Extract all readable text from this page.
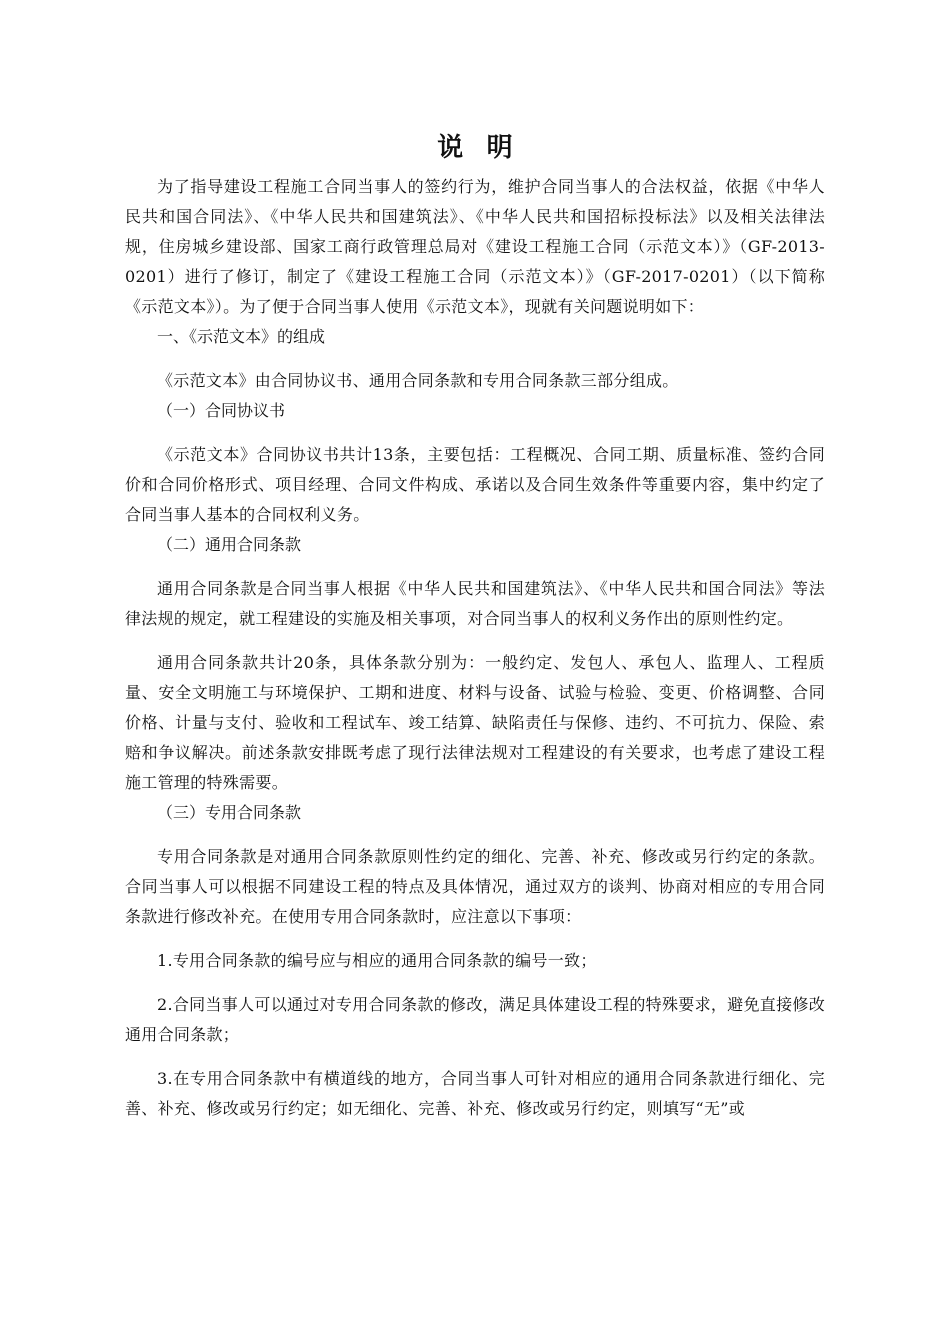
说明

为了指导建设工程施工合同当事人的签约行为，维护合同当事人的合法权益，依据《中华人民共和国合同法》、《中华人民共和国建筑法》、《中华人民共和国招标投标法》以及相关法律法规，住房城乡建设部、国家工商行政管理总局对《建设工程施工合同（示范文本）》（GF-2013-0201）进行了修订，制定了《建设工程施工合同（示范文本）》（GF-2017-0201）（以下简称《示范文本》）。为了便于合同当事人使用《示范文本》，现就有关问题说明如下：

一、《示范文本》的组成

《示范文本》由合同协议书、通用合同条款和专用合同条款三部分组成。

（一）合同协议书

《示范文本》合同协议书共计13条，主要包括：工程概况、合同工期、质量标准、签约合同价和合同价格形式、项目经理、合同文件构成、承诺以及合同生效条件等重要内容，集中约定了合同当事人基本的合同权利义务。

（二）通用合同条款

通用合同条款是合同当事人根据《中华人民共和国建筑法》、《中华人民共和国合同法》等法律法规的规定，就工程建设的实施及相关事项，对合同当事人的权利义务作出的原则性约定。

通用合同条款共计20条，具体条款分别为：一般约定、发包人、承包人、监理人、工程质量、安全文明施工与环境保护、工期和进度、材料与设备、试验与检验、变更、价格调整、合同价格、计量与支付、验收和工程试车、竣工结算、缺陷责任与保修、违约、不可抗力、保险、索赔和争议解决。前述条款安排既考虑了现行法律法规对工程建设的有关要求，也考虑了建设工程施工管理的特殊需要。

（三）专用合同条款

专用合同条款是对通用合同条款原则性约定的细化、完善、补充、修改或另行约定的条款。合同当事人可以根据不同建设工程的特点及具体情况，通过双方的谈判、协商对相应的专用合同条款进行修改补充。在使用专用合同条款时，应注意以下事项：

1.专用合同条款的编号应与相应的通用合同条款的编号一致；

2.合同当事人可以通过对专用合同条款的修改，满足具体建设工程的特殊要求，避免直接修改通用合同条款；

3.在专用合同条款中有横道线的地方，合同当事人可针对相应的通用合同条款进行细化、完善、补充、修改或另行约定；如无细化、完善、补充、修改或另行约定，则填写“无”或
